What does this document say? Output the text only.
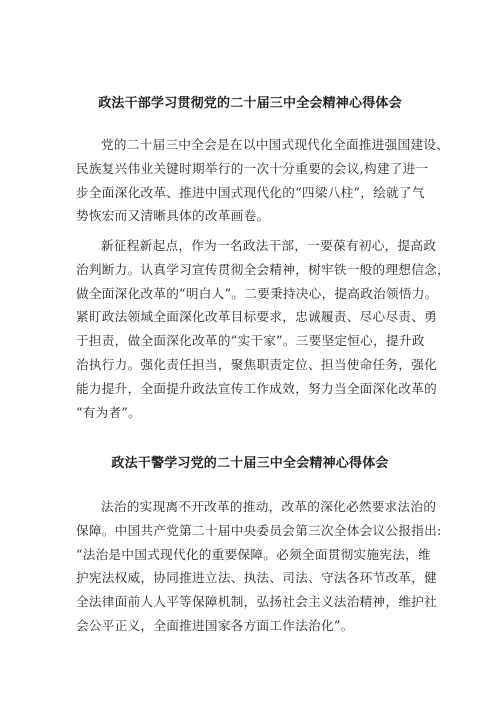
政法干部学习贯彻党的二十届三中全会精神心得体会
党的二十届三中全会是在以中国式现代化全面推进强国建设、
民族复兴伟业关键时期举行的一次十分重要的会议,构建了进一
步全面深化改革、推进中国式现代化的“四梁八柱”，绘就了气
势恢宏而又清晰具体的改革画卷。
新征程新起点，作为一名政法干部，一要葆有初心，提高政
治判断力。认真学习宣传贯彻全会精神，树牢铁一般的理想信念，
做全面深化改革的“明白人”。二要秉持决心，提高政治领悟力。
紧盯政法领域全面深化改革目标要求，忠诚履责、尽心尽责、勇
于担责，做全面深化改革的“实干家”。三要坚定恒心，提升政
治执行力。强化责任担当，聚焦职责定位、担当使命任务，强化
能力提升，全面提升政法宣传工作成效，努力当全面深化改革的
“有为者”。
政法干警学习党的二十届三中全会精神心得体会
法治的实现离不开改革的推动，改革的深化必然要求法治的
保障。中国共产党第二十届中央委员会第三次全体会议公报指出:
“法治是中国式现代化的重要保障。必须全面贯彻实施宪法，维
护宪法权威，协同推进立法、执法、司法、守法各环节改革，健
全法律面前人人平等保障机制，弘扬社会主义法治精神，维护社
会公平正义，全面推进国家各方面工作法治化”。
